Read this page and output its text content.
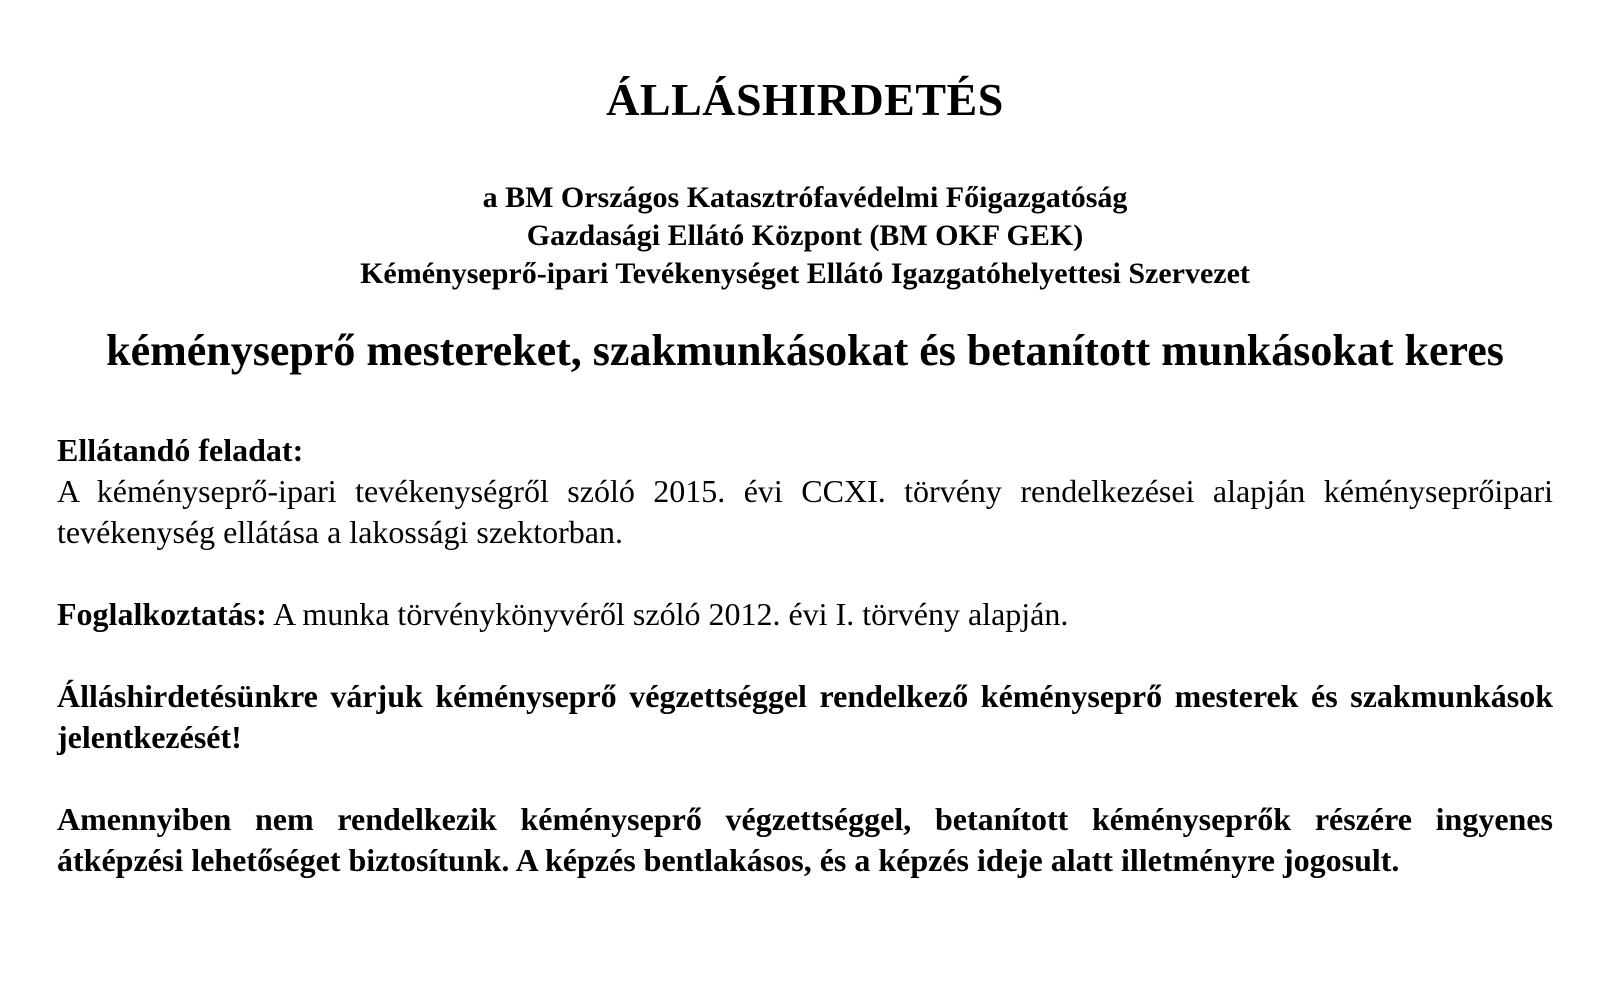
ÁLLÁSHIRDETÉS
a BM Országos Katasztrófavédelmi Főigazgatóság
Gazdasági Ellátó Központ (BM OKF GEK)
Kéményseprő-ipari Tevékenységet Ellátó Igazgatóhelyettesi Szervezet
kéményseprő mestereket, szakmunkásokat és betanított munkásokat keres

Ellátandó feladat:
A kéményseprő-ipari tevékenységről szóló 2015. évi CCXI. törvény rendelkezései alapján kéményseprőipari tevékenység ellátása a lakossági szektorban.

Foglalkoztatás: A munka törvénykönyvéről szóló 2012. évi I. törvény alapján.

Álláshirdetésünkre várjuk kéményseprő végzettséggel rendelkező kéményseprő mesterek és szakmunkások jelentkezését!

Amennyiben nem rendelkezik kéményseprő végzettséggel, betanított kéményseprők részére ingyenes átképzési lehetőséget biztosítunk. A képzés bentlakásos, és a képzés ideje alatt illetményre jogosult.
